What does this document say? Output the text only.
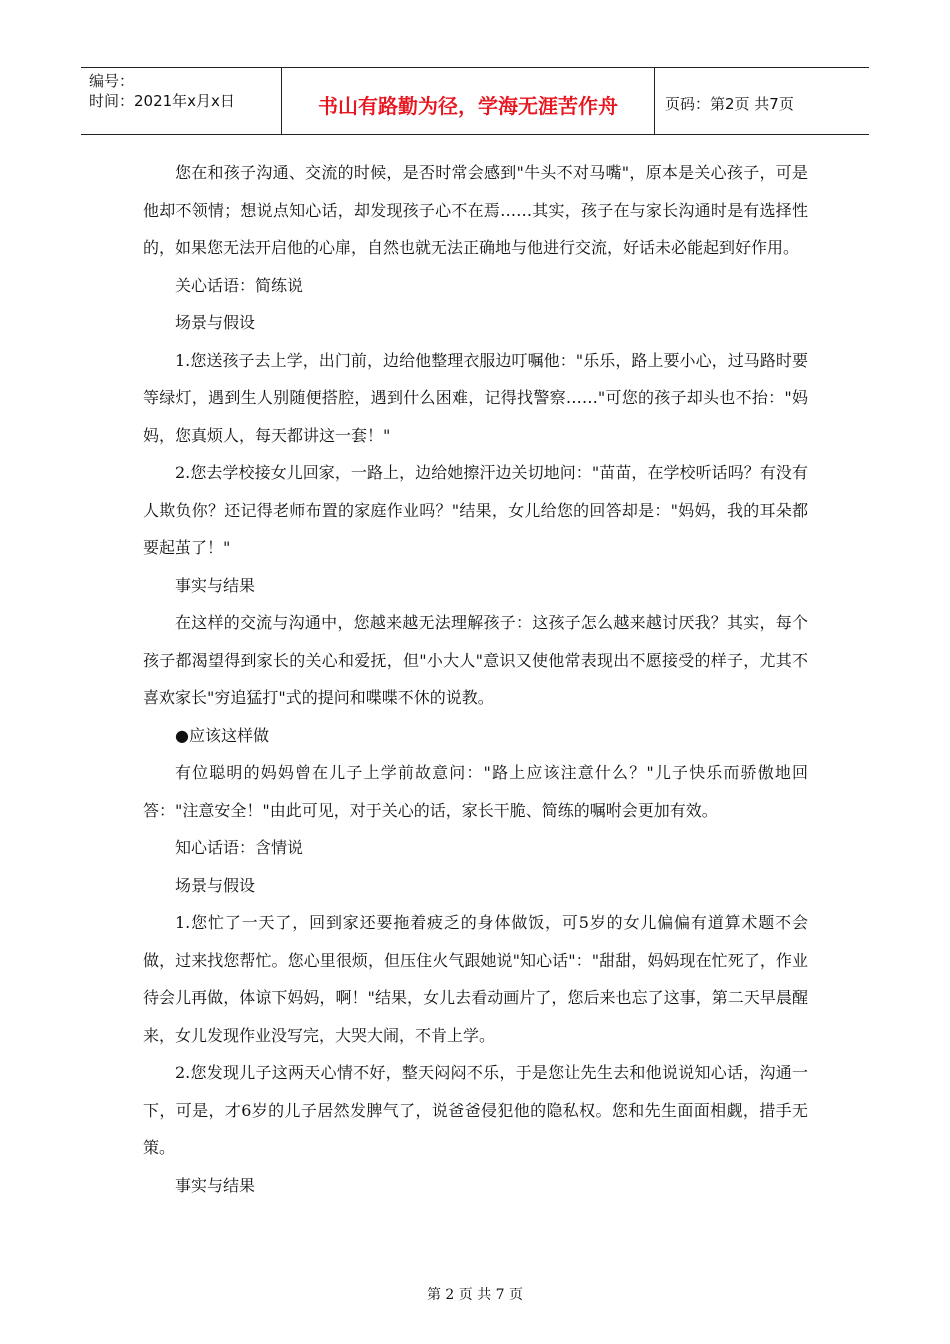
编号：
时间：2021年x月x日	书山有路勤为径，学海无涯苦作舟	页码：第2页 共7页

您在和孩子沟通、交流的时候，是否时常会感到"牛头不对马嘴"，原本是关心孩子，可是他却不领情；想说点知心话，却发现孩子心不在焉……其实，孩子在与家长沟通时是有选择性的，如果您无法开启他的心扉，自然也就无法正确地与他进行交流，好话未必能起到好作用。

关心话语：简练说

场景与假设

1.您送孩子去上学，出门前，边给他整理衣服边叮嘱他："乐乐，路上要小心，过马路时要等绿灯，遇到生人别随便搭腔，遇到什么困难，记得找警察……"可您的孩子却头也不抬："妈妈，您真烦人，每天都讲这一套！"

2.您去学校接女儿回家，一路上，边给她擦汗边关切地问："苗苗，在学校听话吗？有没有人欺负你？还记得老师布置的家庭作业吗？"结果，女儿给您的回答却是："妈妈，我的耳朵都要起茧了！"

事实与结果

在这样的交流与沟通中，您越来越无法理解孩子：这孩子怎么越来越讨厌我？其实，每个孩子都渴望得到家长的关心和爱抚，但"小大人"意识又使他常表现出不愿接受的样子，尤其不喜欢家长"穷追猛打"式的提问和喋喋不休的说教。

●应该这样做

有位聪明的妈妈曾在儿子上学前故意问："路上应该注意什么？"儿子快乐而骄傲地回答："注意安全！"由此可见，对于关心的话，家长干脆、简练的嘱咐会更加有效。

知心话语：含情说

场景与假设

1.您忙了一天了，回到家还要拖着疲乏的身体做饭，可5岁的女儿偏偏有道算术题不会做，过来找您帮忙。您心里很烦，但压住火气跟她说"知心话"："甜甜，妈妈现在忙死了，作业待会儿再做，体谅下妈妈，啊！"结果，女儿去看动画片了，您后来也忘了这事，第二天早晨醒来，女儿发现作业没写完，大哭大闹，不肯上学。

2.您发现儿子这两天心情不好，整天闷闷不乐，于是您让先生去和他说说知心话，沟通一下，可是，才6岁的儿子居然发脾气了，说爸爸侵犯他的隐私权。您和先生面面相觑，措手无策。

事实与结果

第 2 页 共 7 页
